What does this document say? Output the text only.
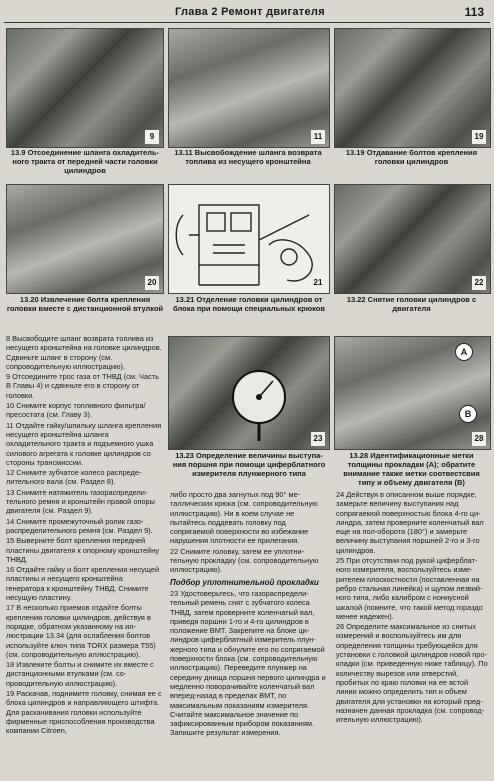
Глава 2 Ремонт двигателя	113
9	11	19
13.9 Отсоединение шланга охладительного тракта от передней части головки цилиндров
13.11 Высвобождение шланга возврата топлива из несущего кронштейна
13.19 Отдавание болтов крепления головки цилиндров
20	21	22
13.20 Извлечение болта крепления головки вместе с дистанционной втулкой
13.21 Отделение головки цилиндров от блока при помощи специальных крюков
13.22 Снятие головки цилиндров с двигателя
23
A
B
28
13.23 Определение величины выступания поршня при помощи циферблатного измерителя плунжерного типа
13.28 Идентификационные метки толщины прокладки (А); обратите внимание также метки соотвестсвия типу и объему двигателя (В)

8 Высвободите шланг возврата топлива из несущего кронштейна на головке цилиндров. Сдвиньте шланг в сторону (см. сопроводительную иллюстрацию).

9 Отсоедините трос газа от ТНВД (см. Часть В Главы 4) и сдвиньте его в сторону от головки.

10 Снимите корпус топливного фильтра/ пресостата (см. Главу 3).

11 Отдайте гайку/шпильку шлангa крепления несущего кронштейна шланга охладительного тракта и подъемного ушка силового агрегата к головке цилиндров со стороны трансмиссии.

12 Снимите зубчатое колесо распределительного вала (см. Раздел 8).

13 Снимите натяжитель газораспределительного ремня и кронштейн правой опоры двигателя (см. Раздел 9).

14 Снимите промежуточный ролик газораспределительного ремня (см. Раздел 9).

15 Выверните болт крепления передней пластины двигателя к опорному кронштейну ТНВД.

16 Отдайте гайку и болт крепления несущей пластины и несущего кронштейна генератора к кронштейну ТНВД. Снимите несущую пластину.

17 В несколько приемов отдайте болты крепления головки цилиндров, действуя в порядке, обратном указанному на иллюстрации 13.34 (для ослабления болтов используйте ключ типа TORX размера Т55) (см. сопроводительную иллюстрацию).

18 Извлеките болты и снимите их вместе с дистанционными втулками (см. сопроводительную иллюстрацию).

19 Раскачав, поднимите головку, снимая ее с блока цилиндров и направляющего штифта. Для раскачивания головки используйте фирменные приспособления производства компании Citroen,

либо просто два загнутых под 90° металлических крюка (см. сопроводительную иллюстрацию). Ни в коем случае не пытайтесь поддевать головку под сопрягаемой поверхности во избежание нарушения плотности ее прилегания.

22 Снимите головку, затем ее уплотнительную прокладку (см. сопроводительную иллюстрацию).

Подбор уплотнительной прокладки

23 Удостоверьтесь, что газораспределительный ремень снят с зубчатого колеса ТНВД, затем проверните коленчатый вал, приведя поршни 1-го и 4-го цилиндров в положение ВМТ. Закрепите на блоке цилиндров циферблатный измеритель плунжерного типа и обнулите его по сопрягаемой поверхности блока (см. сопроводительную иллюстрацию). Переведите плунжер на середину днища поршня первого цилиндра и медленно поворачивайте коленчатый вал вперед-назад в пределах ВМТ, по максимальным показаниям измерителя. Считайте максимальное значение по зафиксированным прибором показаниям. Запишите результат измерения.

24 Действуя в описанном выше порядке, замерьте величину выступания над сопрягаемой поверхностью блока 4-го цилиндра, затем проверните коленчатый вал еще на пол-оборота (180°) и замерьте величину выступания поршней 2-го и 3-го цилиндров.

25 При отсутствии под рукой циферблатного измерителя, воспользуйтесь измерителем плоскостности (поставленная на ребро стальная линейка) и щупом лезвийного типа, либо калибром с нониусной шкалой (помните, что такой метод гораздо менее надежен).

26 Определите максимальное из снитых измерений и воспользуйтесь им для определения толщины требующейся для установки с головкой цилиндров новой прокладки (см. приведенную ниже таблицу). По количеству вырезов или отверстий, пробитых по краю головки на ее встой линии можно определить тип и объем двигателя для установки на который предназначен данная прокладка (см. сопроводительную иллюстрацию).
